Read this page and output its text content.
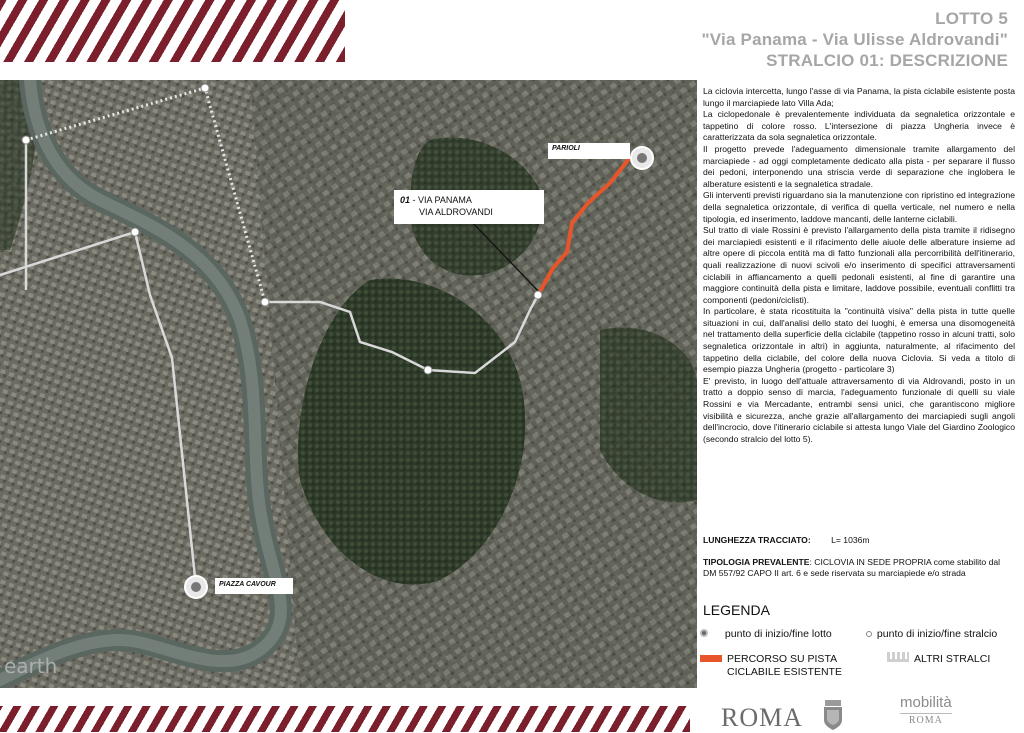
LOTTO 5
"Via Panama - Via Ulisse Aldrovandi"
STRALCIO 01: DESCRIZIONE
earth
PARIOLI
PIAZZA CAVOUR
01 - VIA PANAMA
VIA ALDROVANDI

La ciclovia intercetta, lungo l'asse di via Panama, la pista ciclabile esistente posta lungo il marciapiede lato Villa Ada;

La ciclopedonale è prevalentemente individuata da segnaletica orizzontale e tappetino di colore rosso. L'intersezione di piazza Ungheria invece è caratterizzata da sola segnaletica orizzontale.

Il progetto prevede l'adeguamento dimensionale tramite allargamento del marciapiede - ad oggi completamente dedicato alla pista - per separare il flusso dei pedoni, interponendo una striscia verde di separazione che inglobera le alberature esistenti e la segnaletica stradale.

Gli interventi previsti riguardano sia la manutenzione con ripristino ed integrazione della segnaletica orizzontale, di verifica di quella verticale, nel numero e nella tipologia, ed inserimento, laddove mancanti, delle lanterne ciclabili.

Sul tratto di viale Rossini è previsto l'allargamento della pista tramite il ridisegno dei marciapiedi esistenti e il rifacimento delle aiuole delle alberature insieme ad altre opere di piccola entità ma di fatto funzionali alla percorribilità dell'itinerario, quali realizzazione di nuovi scivoli e/o inserimento di specifici attraversamenti ciclabili in affiancamento a quelli pedonali esistenti, al fine di garantire una maggiore continuità della pista e limitare, laddove possibile, eventuali conflitti tra componenti (pedoni/ciclisti).

In particolare, è stata ricostituita la "continuità visiva" della pista in tutte quelle situazioni in cui, dall'analisi dello stato dei luoghi, è emersa una disomogeneità nel trattamento della superficie della ciclabile (tappetino rosso in alcuni tratti, solo segnaletica orizzontale in altri) in aggiunta, naturalmente, al rifacimento del tappetino della ciclabile, del colore della nuova Ciclovia. Si veda a titolo di esempio piazza Ungheria (progetto - particolare 3)

E' previsto, in luogo dell'attuale attraversamento di via Aldrovandi, posto in un tratto a doppio senso di marcia, l'adeguamento funzionale di quelli su viale Rossini e via Mercadante, entrambi sensi unici, che garantiscono migliore visibilità e sicurezza, anche grazie all'allargamento dei marciapiedi sugli angoli dell'incrocio, dove l'itinerario ciclabile si attesta lungo Viale del Giardino Zoologico (secondo stralcio del lotto 5).

LUNGHEZZA TRACCIATO: L= 1036m
TIPOLOGIA PREVALENTE: CICLOVIA IN SEDE PROPRIA come stabilito dal DM 557/92 CAPO II art. 6 e sede riservata su marciapiede e/o strada
LEGENDA
punto di inizio/fine lotto	punto di inizio/fine stralcio
PERCORSO SU PISTA CICLABILE ESISTENTE
ALTRI STRALCI
ROMA
mobilità
ROMA
